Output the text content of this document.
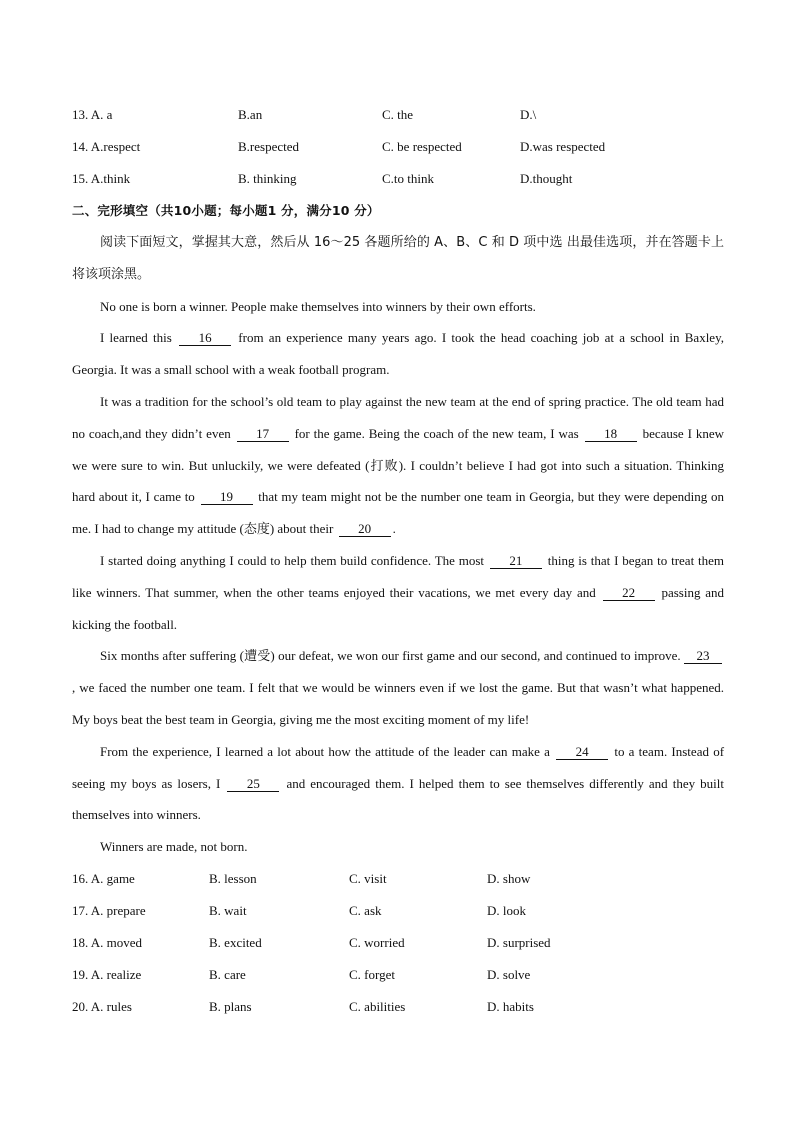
13. A. a	B.an	C. the	D.\
14. A.respect	B.respected	C. be respected	D.was respected
15. A.think	B. thinking	C.to think	D.thought
二、完形填空（共10小题；每小题1 分，满分10 分）

阅读下面短文，掌握其大意，然后从 16～25 各题所给的 A、B、C 和 D 项中选 出最佳选项，并在答题卡上将该项涂黑。

No one is born a winner. People make themselves into winners by their own efforts.

I learned this 16 from an experience many years ago. I took the head coaching job at a school in Baxley, Georgia. It was a small school with a weak football program.

It was a tradition for the school’s old team to play against the new team at the end of spring practice. The old team had no coach,and they didn’t even 17 for the game. Being the coach of the new team, I was 18 because I knew we were sure to win. But unluckily, we were defeated (打败). I couldn’t believe I had got into such a situation. Thinking hard about it, I came to 19 that my team might not be the number one team in Georgia, but they were depending on me. I had to change my attitude (态度) about their 20 .

I started doing anything I could to help them build confidence. The most 21 thing is that I began to treat them like winners. That summer, when the other teams enjoyed their vacations, we met every day and 22 passing and kicking the football.

Six months after suffering (遭受) our defeat, we won our first game and our second, and continued to improve. 23, we faced the number one team. I felt that we would be winners even if we lost the game. But that wasn’t what happened. My boys beat the best team in Georgia, giving me the most exciting moment of my life!

From the experience, I learned a lot about how the attitude of the leader can make a 24 to a team. Instead of seeing my boys as losers, I 25 and encouraged them. I helped them to see themselves differently and they built themselves into winners.

Winners are made, not born.

16. A. game	B. lesson	C. visit	D. show
17. A. prepare	B. wait	C. ask	D. look
18. A. moved	B. excited	C. worried	D. surprised
19. A. realize	B. care	C. forget	D. solve
20. A. rules	B. plans	C. abilities	D. habits
